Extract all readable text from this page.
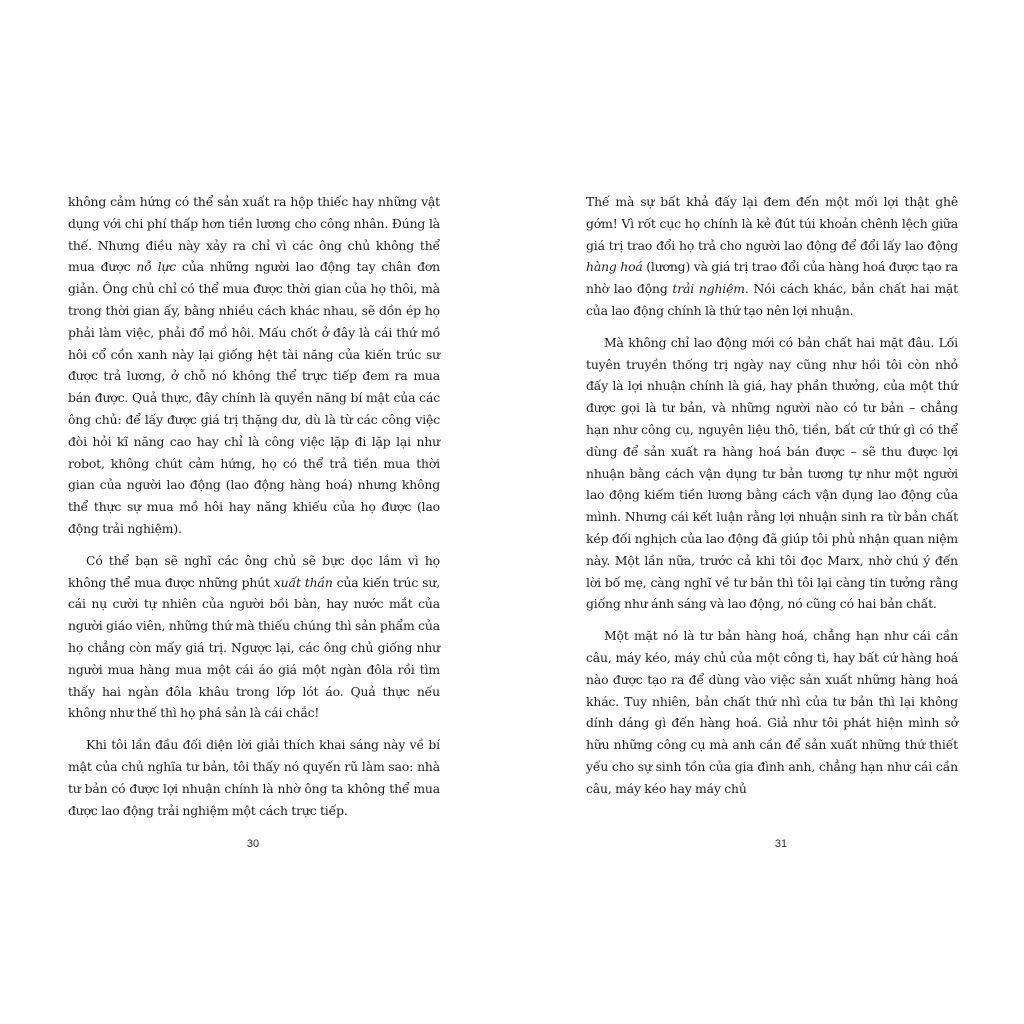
không cảm hứng có thể sản xuất ra hộp thiếc hay những vật dụng với chi phí thấp hơn tiền lương cho công nhân. Đúng là thế. Nhưng điều này xảy ra chỉ vì các ông chủ không thể mua được nỗ lực của những người lao động tay chân đơn giản. Ông chủ chỉ có thể mua được thời gian của họ thôi, mà trong thời gian ấy, bằng nhiều cách khác nhau, sẽ dồn ép họ phải làm việc, phải đổ mồ hôi. Mấu chốt ở đây là cái thứ mồ hôi cổ cồn xanh này lại giống hệt tài năng của kiến trúc sư được trả lương, ở chỗ nó không thể trực tiếp đem ra mua bán được. Quả thực, đây chính là quyền năng bí mật của các ông chủ: để lấy được giá trị thặng dư, dù là từ các công việc đòi hỏi kĩ năng cao hay chỉ là công việc lặp đi lặp lại như robot, không chút cảm hứng, họ có thể trả tiền mua thời gian của người lao động (lao động hàng hoá) nhưng không thể thực sự mua mồ hôi hay năng khiếu của họ được (lao động trải nghiệm).

Có thể bạn sẽ nghĩ các ông chủ sẽ bực dọc lắm vì họ không thể mua được những phút xuất thần của kiến trúc sư, cái nụ cười tự nhiên của người bồi bàn, hay nước mắt của người giáo viên, những thứ mà thiếu chúng thì sản phẩm của họ chẳng còn mấy giá trị. Ngược lại, các ông chủ giống như người mua hàng mua một cái áo giá một ngàn đôla rồi tìm thấy hai ngàn đôla khâu trong lớp lót áo. Quả thực nếu không như thế thì họ phá sản là cái chắc!

Khi tôi lần đầu đối diện lời giải thích khai sáng này về bí mật của chủ nghĩa tư bản, tôi thấy nó quyến rũ làm sao: nhà tư bản có được lợi nhuận chính là nhờ ông ta không thể mua được lao động trải nghiệm một cách trực tiếp.

30

Thế mà sự bất khả đấy lại đem đến một mối lợi thật ghê gớm! Vì rốt cục họ chính là kẻ đút túi khoản chênh lệch giữa giá trị trao đổi họ trả cho người lao động để đổi lấy lao động hàng hoá (lương) và giá trị trao đổi của hàng hoá được tạo ra nhờ lao động trải nghiệm. Nói cách khác, bản chất hai mặt của lao động chính là thứ tạo nên lợi nhuận.

Mà không chỉ lao động mới có bản chất hai mặt đâu. Lối tuyên truyền thống trị ngày nay cũng như hồi tôi còn nhỏ đấy là lợi nhuận chính là giá, hay phần thưởng, của một thứ được gọi là tư bản, và những người nào có tư bản – chẳng hạn như công cụ, nguyên liệu thô, tiền, bất cứ thứ gì có thể dùng để sản xuất ra hàng hoá bán được – sẽ thu được lợi nhuận bằng cách vận dụng tư bản tương tự như một người lao động kiếm tiền lương bằng cách vận dụng lao động của mình. Nhưng cái kết luận rằng lợi nhuận sinh ra từ bản chất kép đối nghịch của lao động đã giúp tôi phủ nhận quan niệm này. Một lần nữa, trước cả khi tôi đọc Marx, nhờ chú ý đến lời bố mẹ, càng nghĩ về tư bản thì tôi lại càng tin tưởng rằng giống như ánh sáng và lao động, nó cũng có hai bản chất.

Một mặt nó là tư bản hàng hoá, chẳng hạn như cái cần câu, máy kéo, máy chủ của một công ti, hay bất cứ hàng hoá nào được tạo ra để dùng vào việc sản xuất những hàng hoá khác. Tuy nhiên, bản chất thứ nhì của tư bản thì lại không dính dáng gì đến hàng hoá. Giả như tôi phát hiện mình sở hữu những công cụ mà anh cần để sản xuất những thứ thiết yếu cho sự sinh tồn của gia đình anh, chẳng hạn như cái cần câu, máy kéo hay máy chủ

31
